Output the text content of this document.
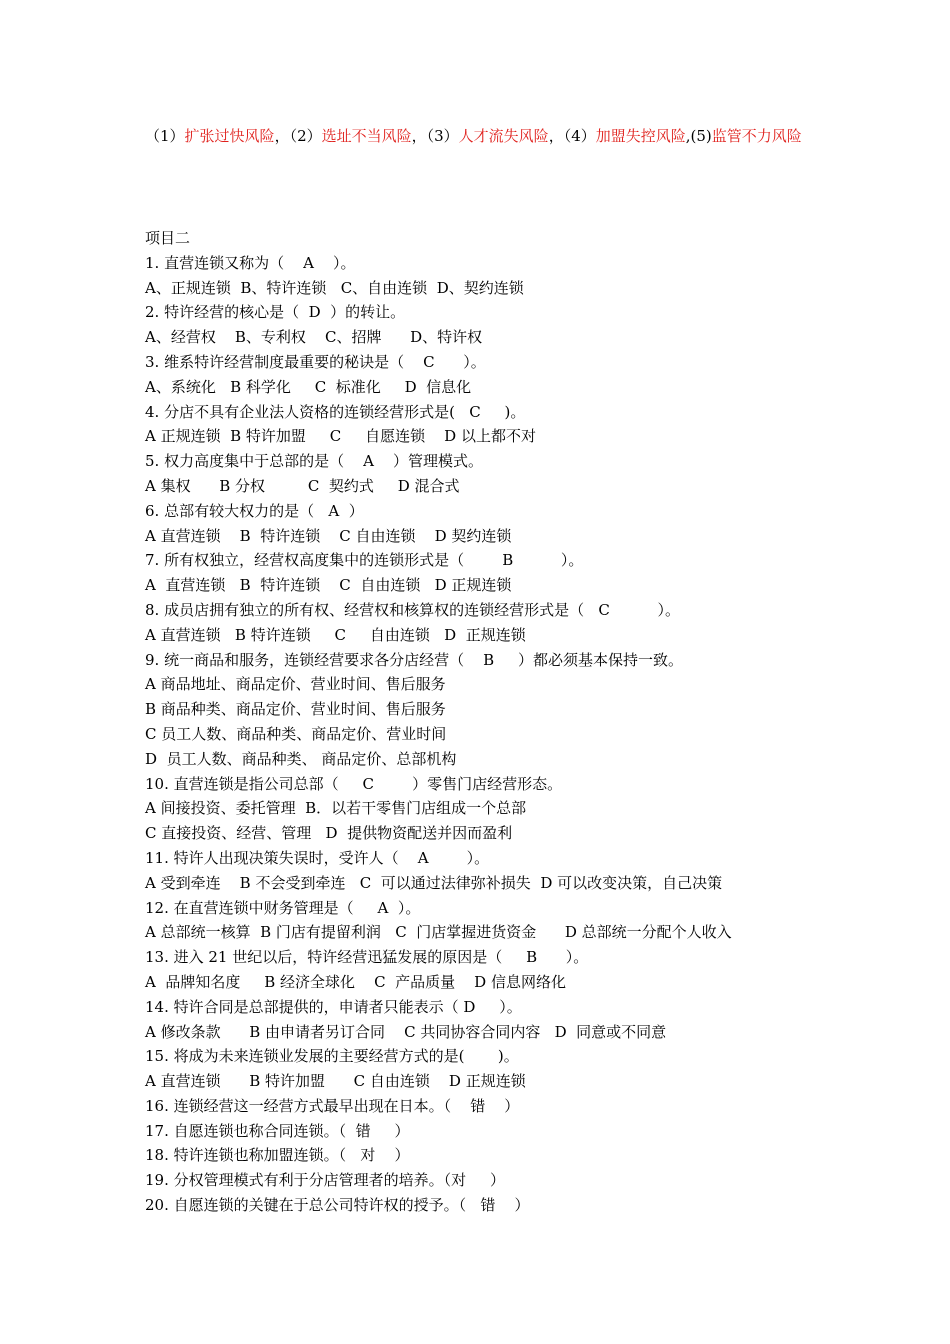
（1）扩张过快风险，（2）选址不当风险，（3）人才流失风险，（4）加盟失控风险,(5)监管不力风险
项目二
1. 直营连锁又称为（    A    ）。
A、正规连锁  B、特许连锁   C、自由连锁  D、契约连锁
2. 特许经营的核心是（  D  ）的转让。
A、经营权    B、专利权    C、招牌      D、特许权
3. 维系特许经营制度最重要的秘诀是（    C      ）。
A、系统化   B 科学化     C  标准化     D  信息化
4. 分店不具有企业法人资格的连锁经营形式是(   C     )。
A 正规连锁  B 特许加盟     C     自愿连锁    D 以上都不对
5. 权力高度集中于总部的是（    A    ）管理模式。
A 集权      B 分权         C  契约式     D 混合式
6. 总部有较大权力的是（   A  ）
A 直营连锁    B  特许连锁    C 自由连锁    D 契约连锁
7. 所有权独立，经营权高度集中的连锁形式是（        B          ）。
A  直营连锁   B  特许连锁    C  自由连锁   D 正规连锁
8. 成员店拥有独立的所有权、经营权和核算权的连锁经营形式是（   C          ）。
A 直营连锁   B 特许连锁     C     自由连锁   D  正规连锁
9. 统一商品和服务，连锁经营要求各分店经营（    B     ）都必须基本保持一致。
A 商品地址、商品定价、营业时间、售后服务
B 商品种类、商品定价、营业时间、售后服务
C 员工人数、商品种类、商品定价、营业时间
D  员工人数、商品种类、 商品定价、总部机构
10. 直营连锁是指公司总部（     C        ）零售门店经营形态。
A 间接投资、委托管理  B．以若干零售门店组成一个总部
C 直接投资、经营、管理   D  提供物资配送并因而盈利
11. 特许人出现决策失误时，受许人（    A        ）。
A 受到牵连    B 不会受到牵连   C  可以通过法律弥补损失  D 可以改变决策，自己决策
12. 在直营连锁中财务管理是（     A  ）。
A 总部统一核算  B 门店有提留利润   C  门店掌握进货资金      D 总部统一分配个人收入
13. 进入 21 世纪以后，特许经营迅猛发展的原因是（     B      ）。
A  品牌知名度     B 经济全球化    C  产品质量    D 信息网络化
14. 特许合同是总部提供的，申请者只能表示（ D     ）。
A 修改条款      B 由申请者另订合同    C 共同协容合同内容   D  同意或不同意
15. 将成为未来连锁业发展的主要经营方式的是(       )。
A 直营连锁      B 特许加盟      C 自由连锁    D 正规连锁
16. 连锁经营这一经营方式最早出现在日本。（    错    ）
17. 自愿连锁也称合同连锁。（  错     ）
18. 特许连锁也称加盟连锁。（   对    ）
19. 分权管理模式有利于分店管理者的培养。（对     ）
20. 自愿连锁的关键在于总公司特许权的授予。（   错    ）
